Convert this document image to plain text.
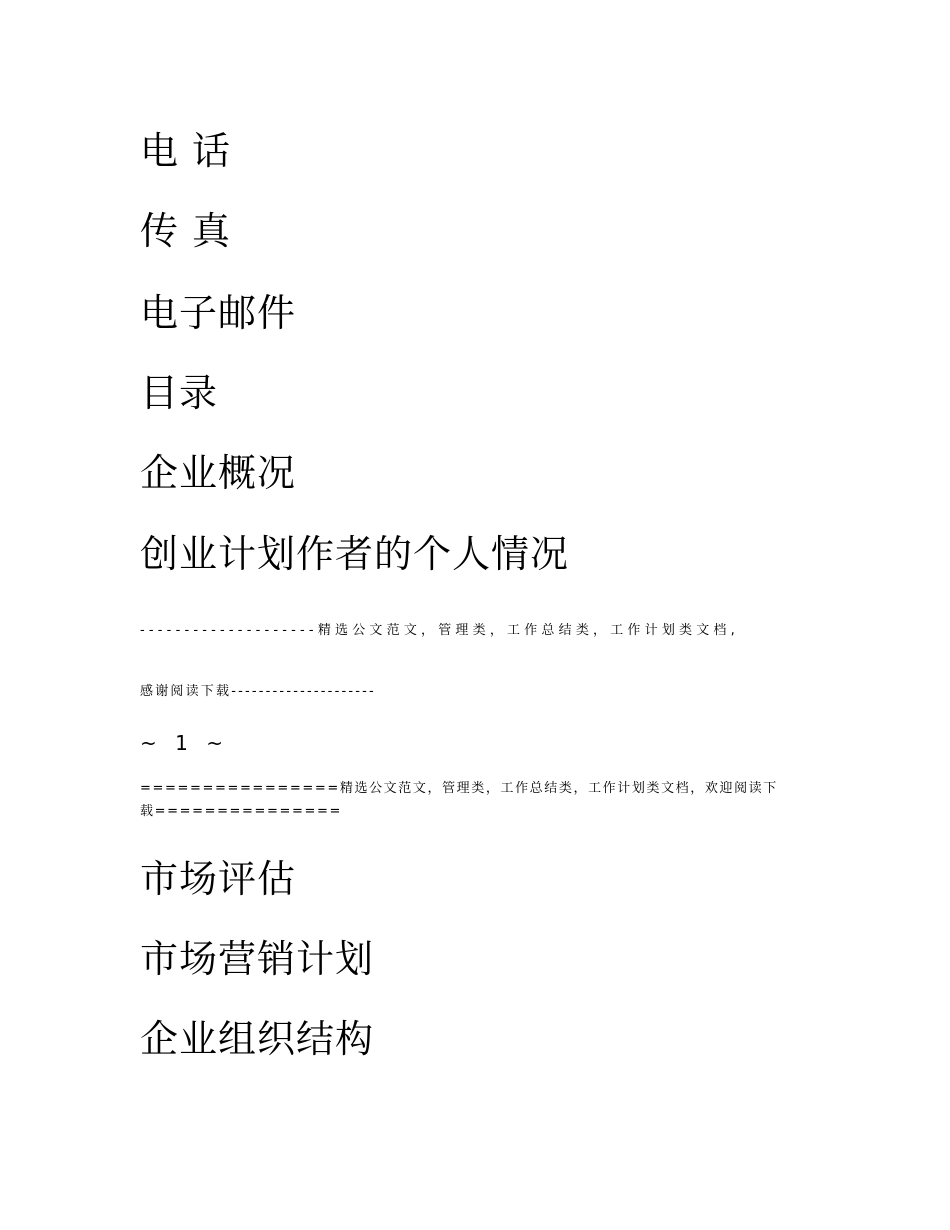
电话
传真
电子邮件
目录
企业概况
创业计划作者的个人情况
--------------------精选公文范文，管理类，工作总结类，工作计划类文档,
感谢阅读下载---------------------
~ 1 ~
================精选公文范文，管理类，工作总结类，工作计划类文档，欢迎阅读下
载===============
市场评估
市场营销计划
企业组织结构
